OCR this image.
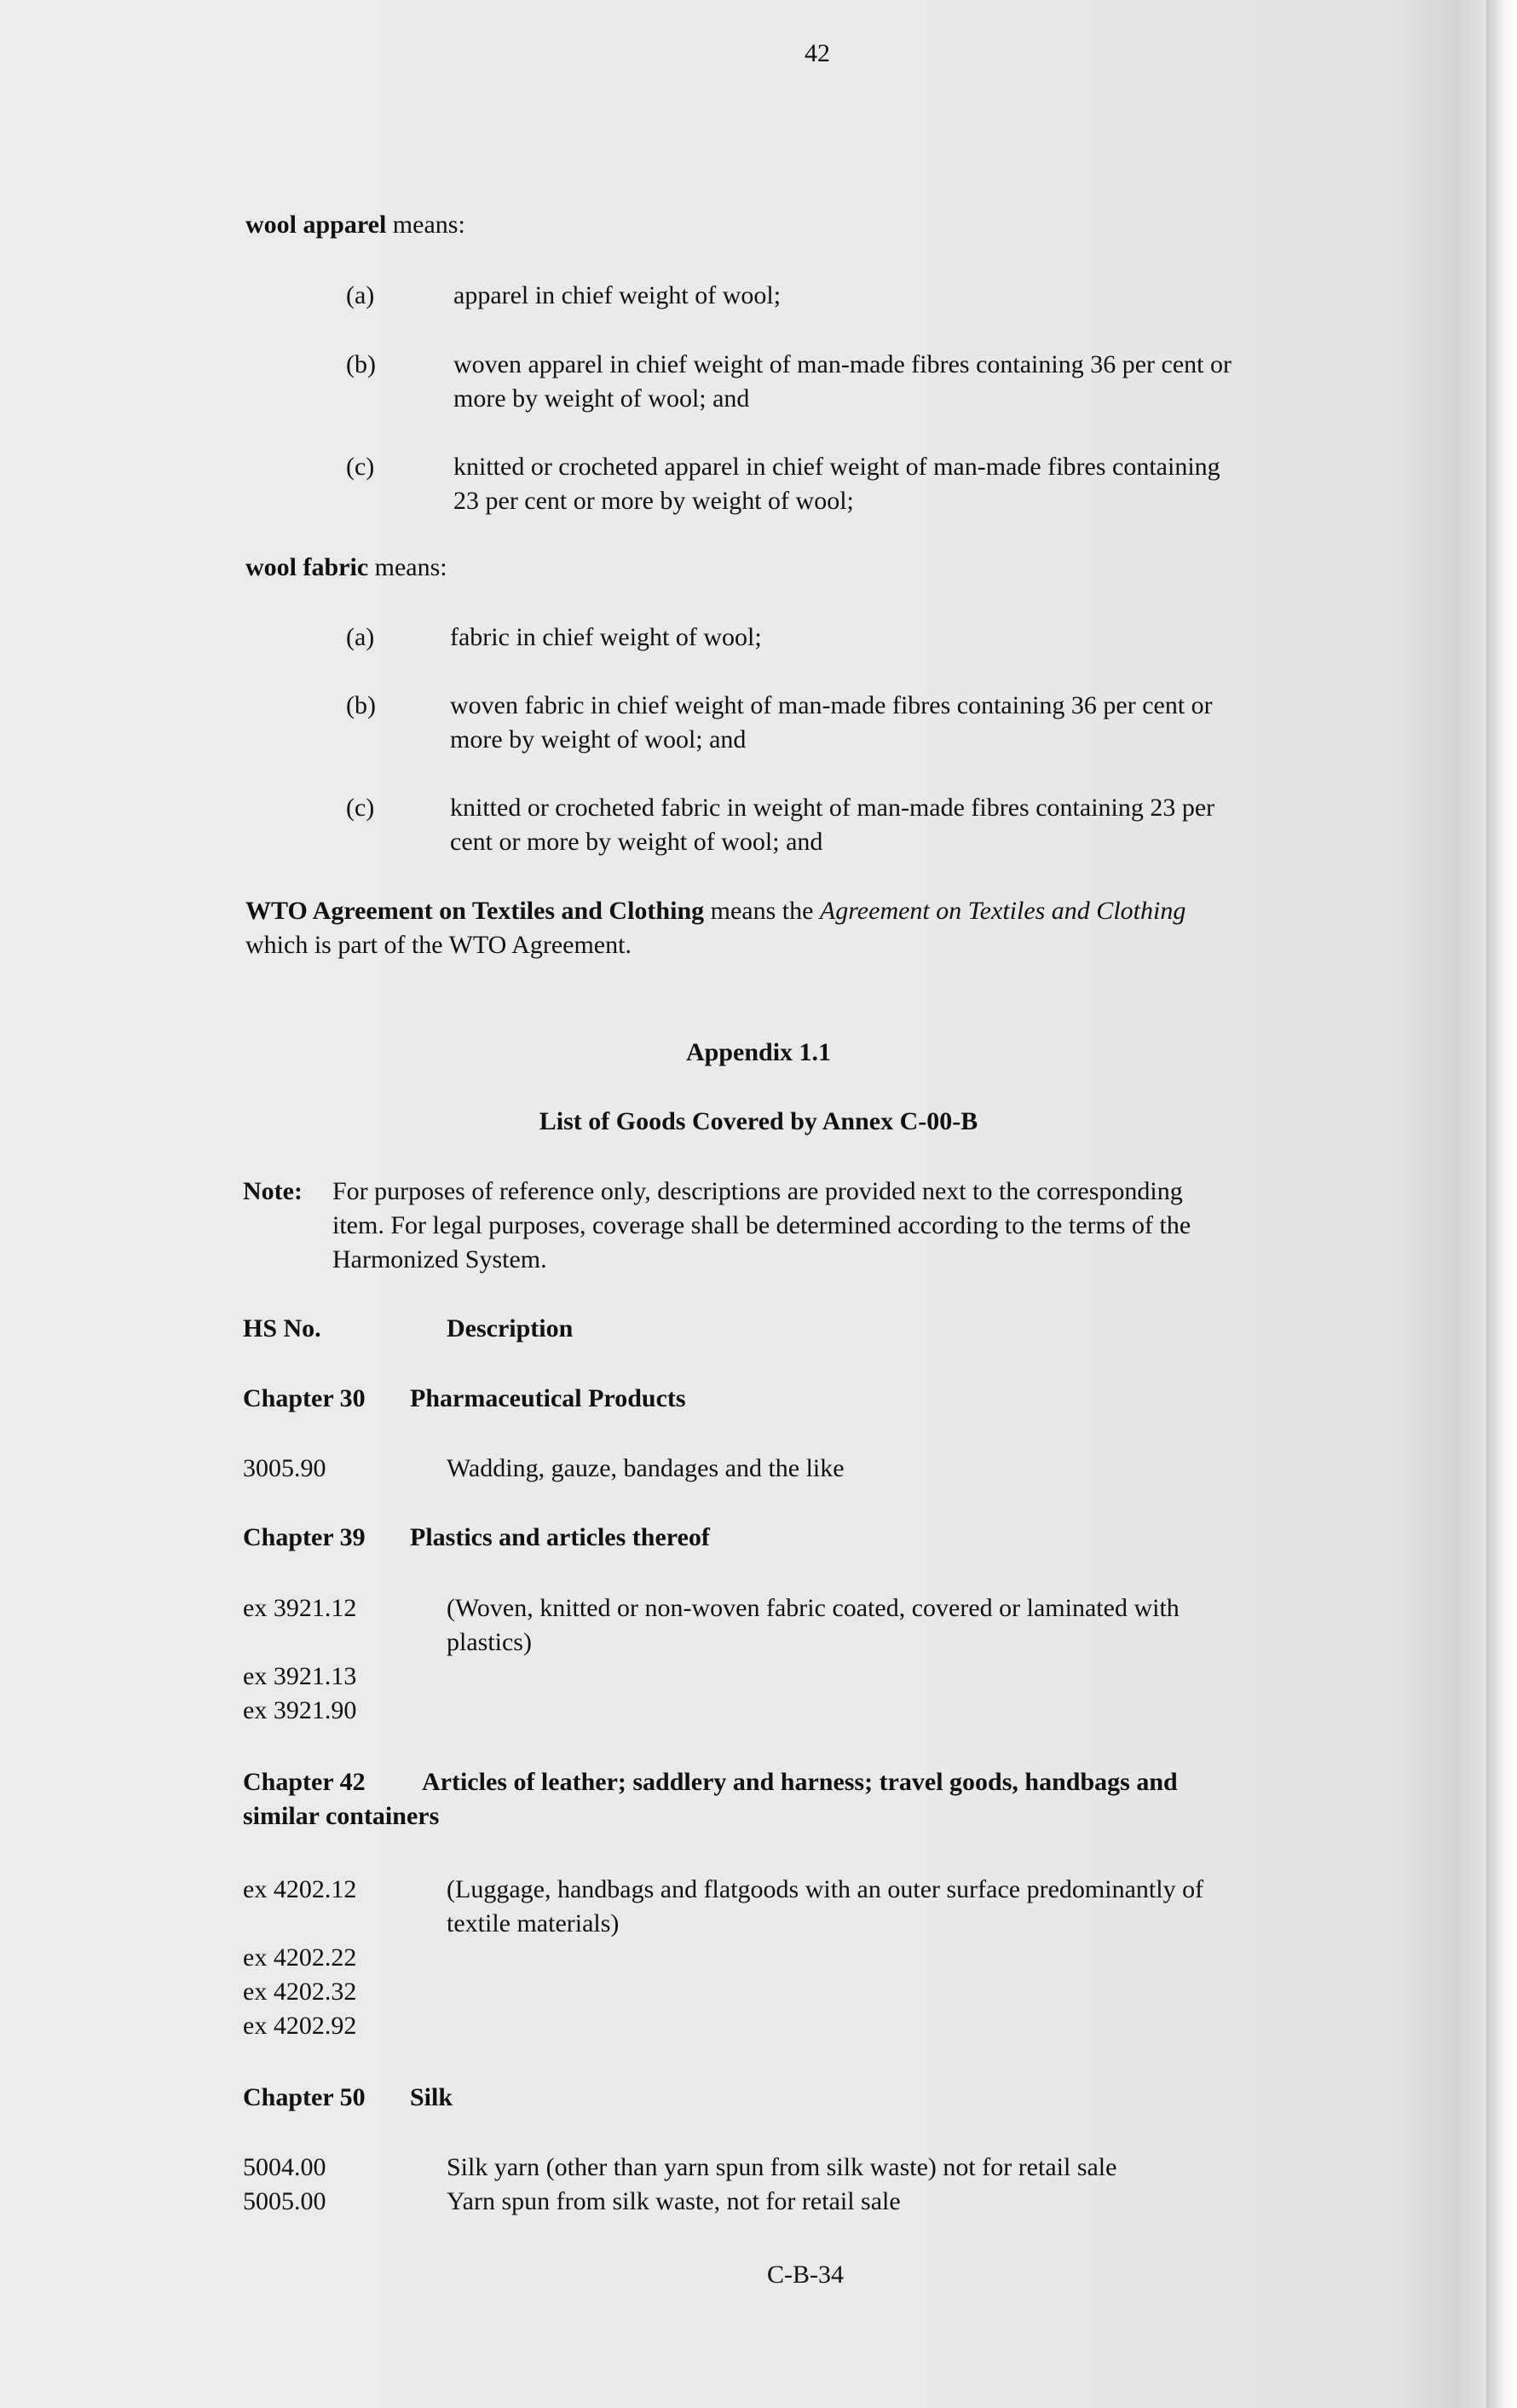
42
wool apparel means:
(a)	apparel in chief weight of wool;
(b)	woven apparel in chief weight of man-made fibres containing 36 per cent or
more by weight of wool; and
(c)	knitted or crocheted apparel in chief weight of man-made fibres containing
23 per cent or more by weight of wool;
wool fabric means:
(a)	fabric in chief weight of wool;
(b)	woven fabric in chief weight of man-made fibres containing 36 per cent or
more by weight of wool; and
(c)	knitted or crocheted fabric in weight of man-made fibres containing 23 per
cent or more by weight of wool; and
WTO Agreement on Textiles and Clothing means the Agreement on Textiles and Clothing
which is part of the WTO Agreement.
Appendix 1.1
List of Goods Covered by Annex C-00-B
Note: For purposes of reference only, descriptions are provided next to the corresponding
item. For legal purposes, coverage shall be determined according to the terms of the
Harmonized System.
HS No.	Description
Chapter 30 Pharmaceutical Products
3005.90	Wadding, gauze, bandages and the like
Chapter 39 Plastics and articles thereof
ex 3921.12	(Woven, knitted or non-woven fabric coated, covered or laminated with
plastics)
ex 3921.13
ex 3921.90
Chapter 42 Articles of leather; saddlery and harness; travel goods, handbags and
similar containers
ex 4202.12	(Luggage, handbags and flatgoods with an outer surface predominantly of
textile materials)
ex 4202.22
ex 4202.32
ex 4202.92
Chapter 50 Silk
5004.00	Silk yarn (other than yarn spun from silk waste) not for retail sale
5005.00	Yarn spun from silk waste, not for retail sale
C-B-34
